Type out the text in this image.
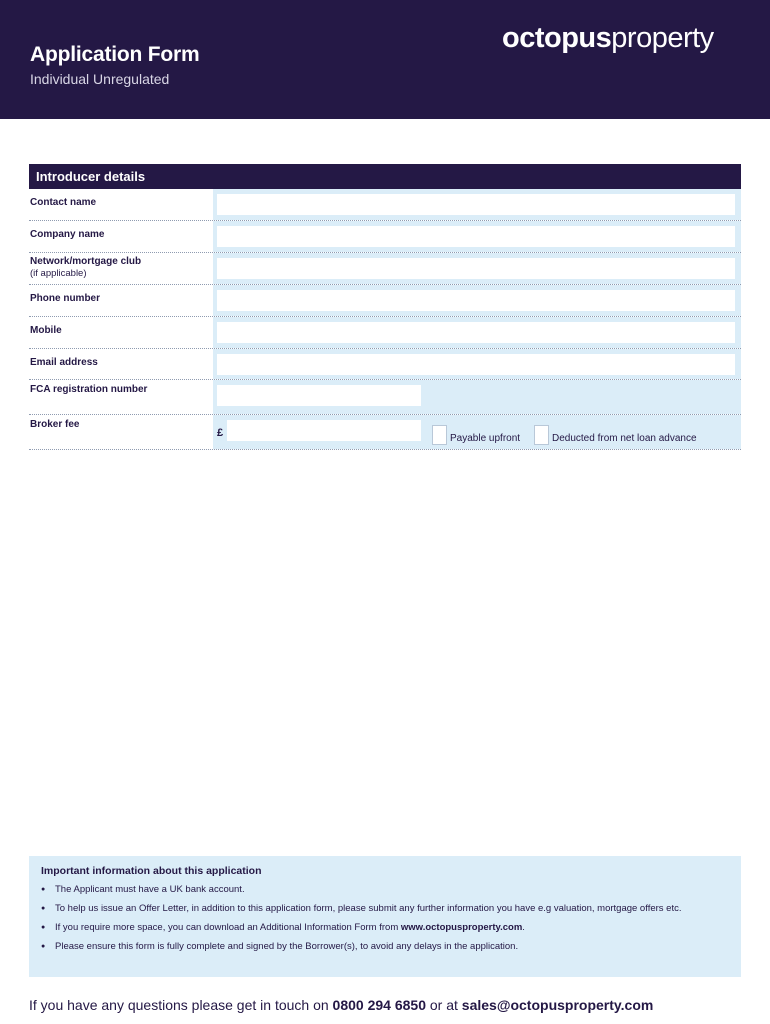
Application Form
Individual Unregulated
octopusproperty
Introducer details
Contact name
Company name
Network/mortgage club
(if applicable)
Phone number
Mobile
Email address
FCA registration number
Broker fee
£	Payable upfront	Deducted from net loan advance
Important information about this application
● The Applicant must have a UK bank account.
● To help us issue an Offer Letter, in addition to this application form, please submit any further information you have e.g valuation, mortgage offers etc.
● If you require more space, you can download an Additional Information Form from www.octopusproperty.com.
● Please ensure this form is fully complete and signed by the Borrower(s), to avoid any delays in the application.
If you have any questions please get in touch on 0800 294 6850 or at sales@octopusproperty.com
